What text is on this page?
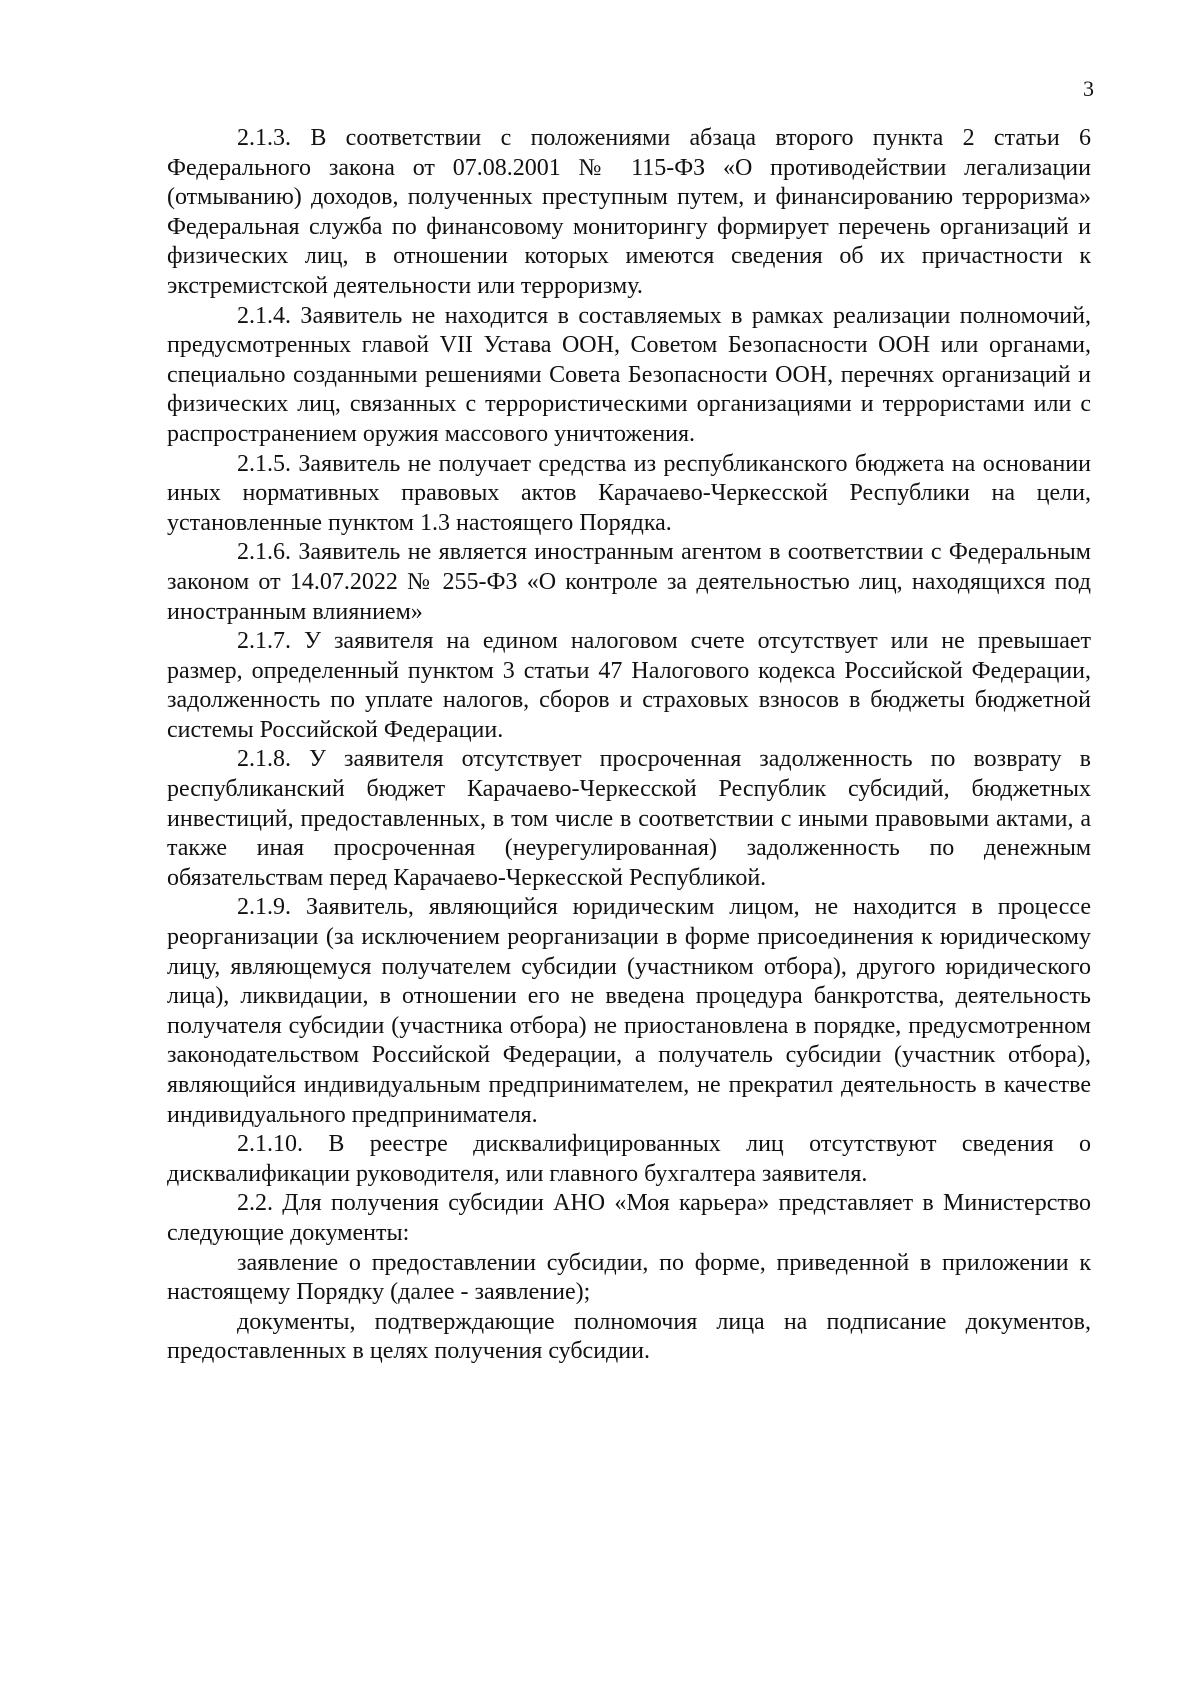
3

2.1.3. В соответствии с положениями абзаца второго пункта 2 статьи 6 Федерального закона от 07.08.2001 № 115-ФЗ «О противодействии легализации (отмыванию) доходов, полученных преступным путем, и финансированию терроризма» Федеральная служба по финансовому мониторингу формирует перечень организаций и физических лиц, в отношении которых имеются сведения об их причастности к экстремистской деятельности или терроризму.

2.1.4. Заявитель не находится в составляемых в рамках реализации полномочий, предусмотренных главой VII Устава ООН, Советом Безопасности ООН или органами, специально созданными решениями Совета Безопасности ООН, перечнях организаций и физических лиц, связанных с террористическими организациями и террористами или с распространением оружия массового уничтожения.

2.1.5. Заявитель не получает средства из республиканского бюджета на основании иных нормативных правовых актов Карачаево-Черкесской Республики на цели, установленные пунктом 1.3 настоящего Порядка.

2.1.6. Заявитель не является иностранным агентом в соответствии с Федеральным законом от 14.07.2022 № 255-ФЗ «О контроле за деятельностью лиц, находящихся под иностранным влиянием»

2.1.7. У заявителя на едином налоговом счете отсутствует или не превышает размер, определенный пунктом 3 статьи 47 Налогового кодекса Российской Федерации, задолженность по уплате налогов, сборов и страховых взносов в бюджеты бюджетной системы Российской Федерации.

2.1.8. У заявителя отсутствует просроченная задолженность по возврату в республиканский бюджет Карачаево-Черкесской Республик субсидий, бюджетных инвестиций, предоставленных, в том числе в соответствии с иными правовыми актами, а также иная просроченная (неурегулированная) задолженность по денежным обязательствам перед Карачаево-Черкесской Республикой.

2.1.9. Заявитель, являющийся юридическим лицом, не находится в процессе реорганизации (за исключением реорганизации в форме присоединения к юридическому лицу, являющемуся получателем субсидии (участником отбора), другого юридического лица), ликвидации, в отношении его не введена процедура банкротства, деятельность получателя субсидии (участника отбора) не приостановлена в порядке, предусмотренном законодательством Российской Федерации, а получатель субсидии (участник отбора), являющийся индивидуальным предпринимателем, не прекратил деятельность в качестве индивидуального предпринимателя.

2.1.10. В реестре дисквалифицированных лиц отсутствуют сведения о дисквалификации руководителя, или главного бухгалтера заявителя.

2.2. Для получения субсидии АНО «Моя карьера» представляет в Министерство следующие документы:

заявление о предоставлении субсидии, по форме, приведенной в приложении к настоящему Порядку (далее - заявление);

документы, подтверждающие полномочия лица на подписание документов, предоставленных в целях получения субсидии.
